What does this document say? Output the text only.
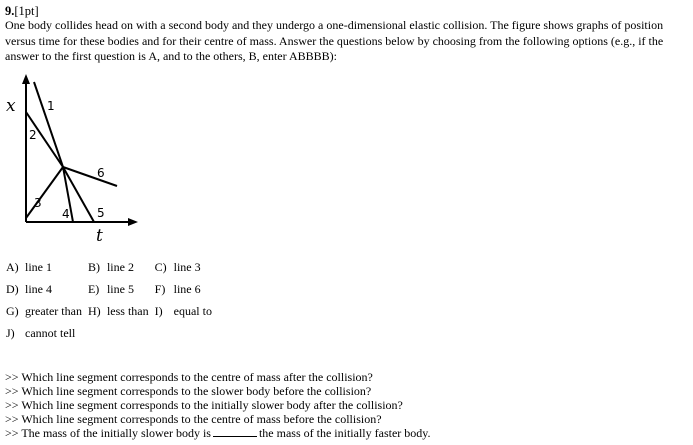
9.[1pt]
One body collides head on with a second body and they undergo a one-dimensional elastic collision. The figure shows graphs of position versus time for these bodies and for their centre of mass. Answer the questions below by choosing from the following options (e.g., if the answer to the first question is A, and to the others, B, enter ABBBB):
x
t
1
2
3
4 5
6
A) line 1	B) line 2	C) line 3
D) line 4	E) line 5	F) line 6
G) greater than	H) less than	I) equal to
J) cannot tell		
>> Which line segment corresponds to the centre of mass after the collision?
>> Which line segment corresponds to the slower body before the collision?
>> Which line segment corresponds to the initially slower body after the collision?
>> Which line segment corresponds to the centre of mass before the collision?
>> The mass of the initially slower body is	the mass of the initially faster body.
